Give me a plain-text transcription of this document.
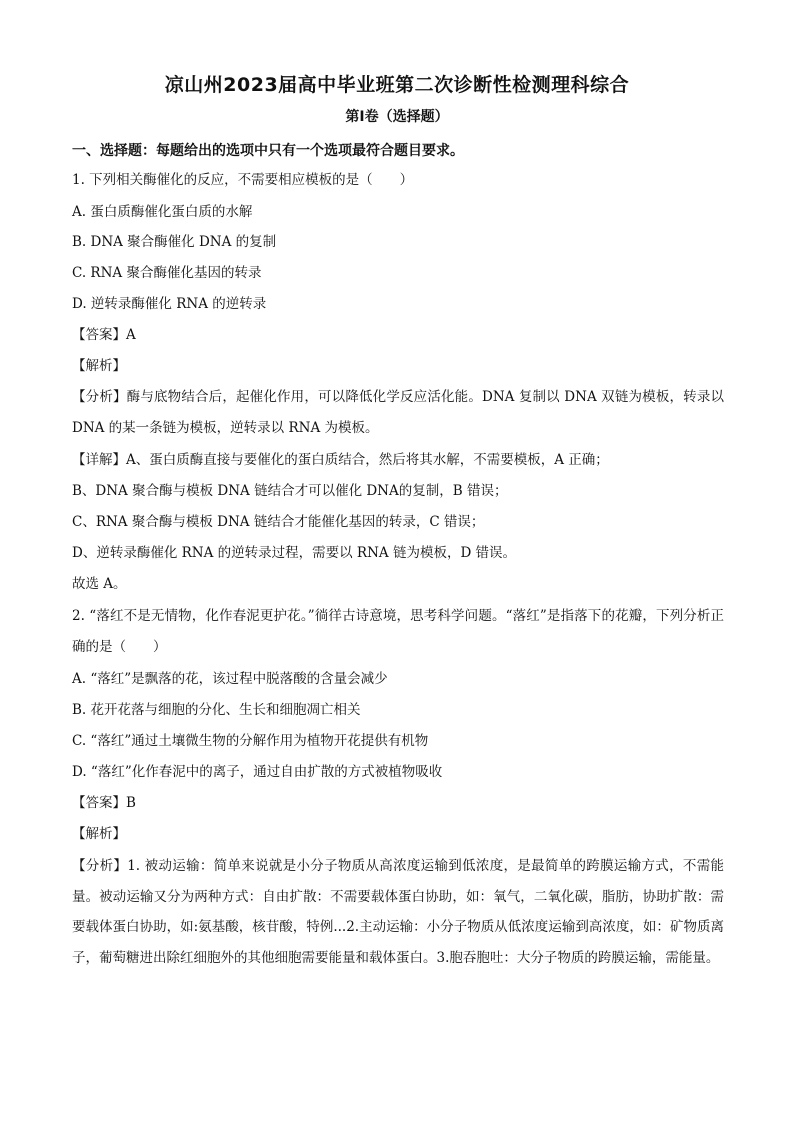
凉山州2023届高中毕业班第二次诊断性检测理科综合
第Ⅰ卷（选择题）
一、选择题：每题给出的选项中只有一个选项最符合题目要求。
1. 下列相关酶催化的反应，不需要相应模板的是（　　）
A. 蛋白质酶催化蛋白质的水解
B. DNA 聚合酶催化 DNA 的复制
C. RNA 聚合酶催化基因的转录
D. 逆转录酶催化 RNA 的逆转录
【答案】A
【解析】
【分析】酶与底物结合后，起催化作用，可以降低化学反应活化能。DNA 复制以 DNA 双链为模板，转录以 DNA 的某一条链为模板，逆转录以 RNA 为模板。
【详解】A、蛋白质酶直接与要催化的蛋白质结合，然后将其水解，不需要模板，A 正确；
B、DNA 聚合酶与模板 DNA 链结合才可以催化 DNA的复制，B 错误；
C、RNA 聚合酶与模板 DNA 链结合才能催化基因的转录，C 错误；
D、逆转录酶催化 RNA 的逆转录过程，需要以 RNA 链为模板，D 错误。
故选 A。
2. “落红不是无情物，化作春泥更护花。”徜徉古诗意境，思考科学问题。“落红”是指落下的花瓣，下列分析正确的是（　　）
A. “落红”是飘落的花，该过程中脱落酸的含量会减少
B. 花开花落与细胞的分化、生长和细胞凋亡相关
C. “落红”通过土壤微生物的分解作用为植物开花提供有机物
D. “落红”化作春泥中的离子，通过自由扩散的方式被植物吸收
【答案】B
【解析】
【分析】1. 被动运输：简单来说就是小分子物质从高浓度运输到低浓度，是最简单的跨膜运输方式，不需能量。被动运输又分为两种方式：自由扩散：不需要载体蛋白协助，如：氧气，二氧化碳，脂肪，协助扩散：需要载体蛋白协助，如:氨基酸，核苷酸，特例...2.主动运输：小分子物质从低浓度运输到高浓度，如：矿物质离子，葡萄糖进出除红细胞外的其他细胞需要能量和载体蛋白。3.胞吞胞吐：大分子物质的跨膜运输，需能量。
